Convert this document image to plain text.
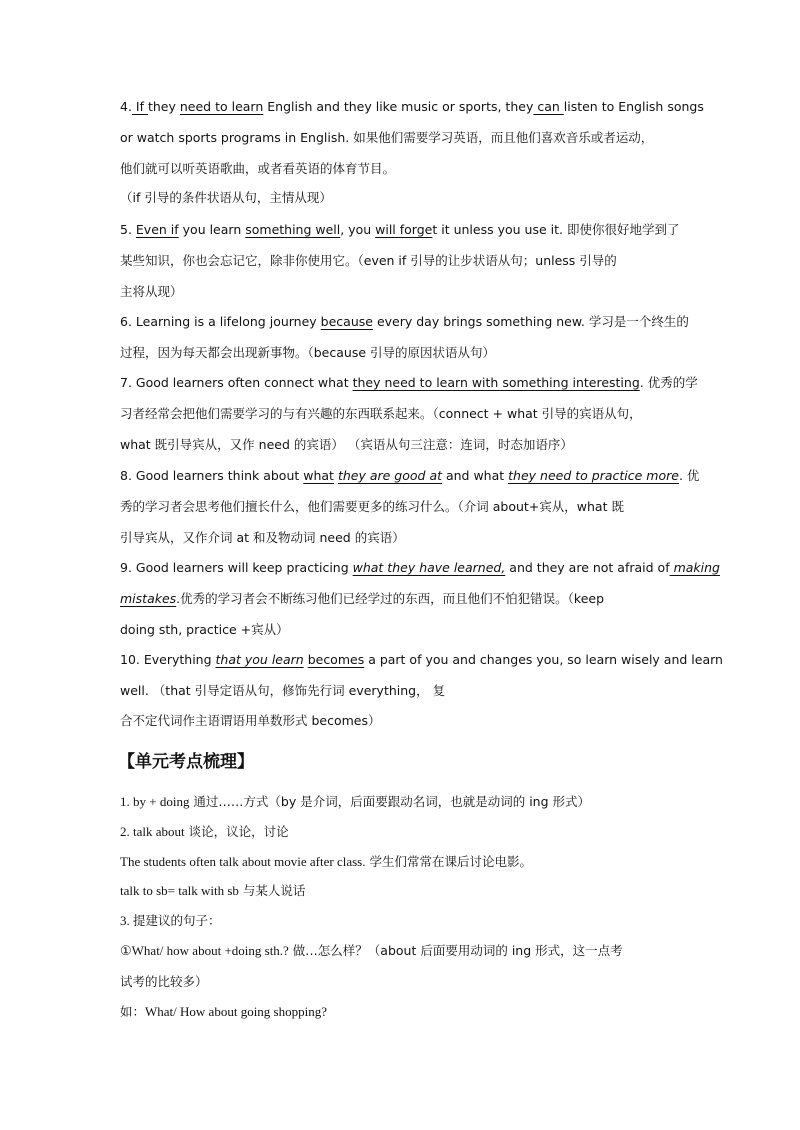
4. If they need to learn English and they like music or sports, they can listen to English songs
or watch sports programs in English. 如果他们需要学习英语，而且他们喜欢音乐或者运动，
他们就可以听英语歌曲，或者看英语的体育节目。
（if 引导的条件状语从句，主情从现）
5. Even if you learn something well, you will forget it unless you use it. 即使你很好地学到了
某些知识，你也会忘记它，除非你使用它。（even if 引导的让步状语从句；unless 引导的
主将从现）
6. Learning is a lifelong journey because every day brings something new. 学习是一个终生的
过程，因为每天都会出现新事物。（because 引导的原因状语从句）
7. Good learners often connect what they need to learn with something interesting. 优秀的学
习者经常会把他们需要学习的与有兴趣的东西联系起来。（connect + what 引导的宾语从句，
what 既引导宾从，又作 need 的宾语） （宾语从句三注意：连词，时态加语序）
8. Good learners think about what they are good at and what they need to practice more. 优
秀的学习者会思考他们擅长什么，他们需要更多的练习什么。（介词 about+宾从，what 既
引导宾从，又作介词 at 和及物动词 need 的宾语）
9. Good learners will keep practicing what they have learned, and they are not afraid of making
mistakes.优秀的学习者会不断练习他们已经学过的东西，而且他们不怕犯错误。（keep
doing sth, practice +宾从）
10. Everything that you learn becomes a part of you and changes you, so learn wisely and learn
well. （that 引导定语从句，修饰先行词 everything， 复
合不定代词作主语谓语用单数形式 becomes）
【单元考点梳理】
1. by + doing 通过……方式（by 是介词，后面要跟动名词，也就是动词的 ing 形式）
2. talk about 谈论，议论，讨论
The students often talk about movie after class. 学生们常常在课后讨论电影。
talk to sb= talk with sb 与某人说话
3. 提建议的句子：
①What/ how about +doing sth.? 做…怎么样？（about 后面要用动词的 ing 形式，这一点考
试考的比较多）
如：What/ How about going shopping?
